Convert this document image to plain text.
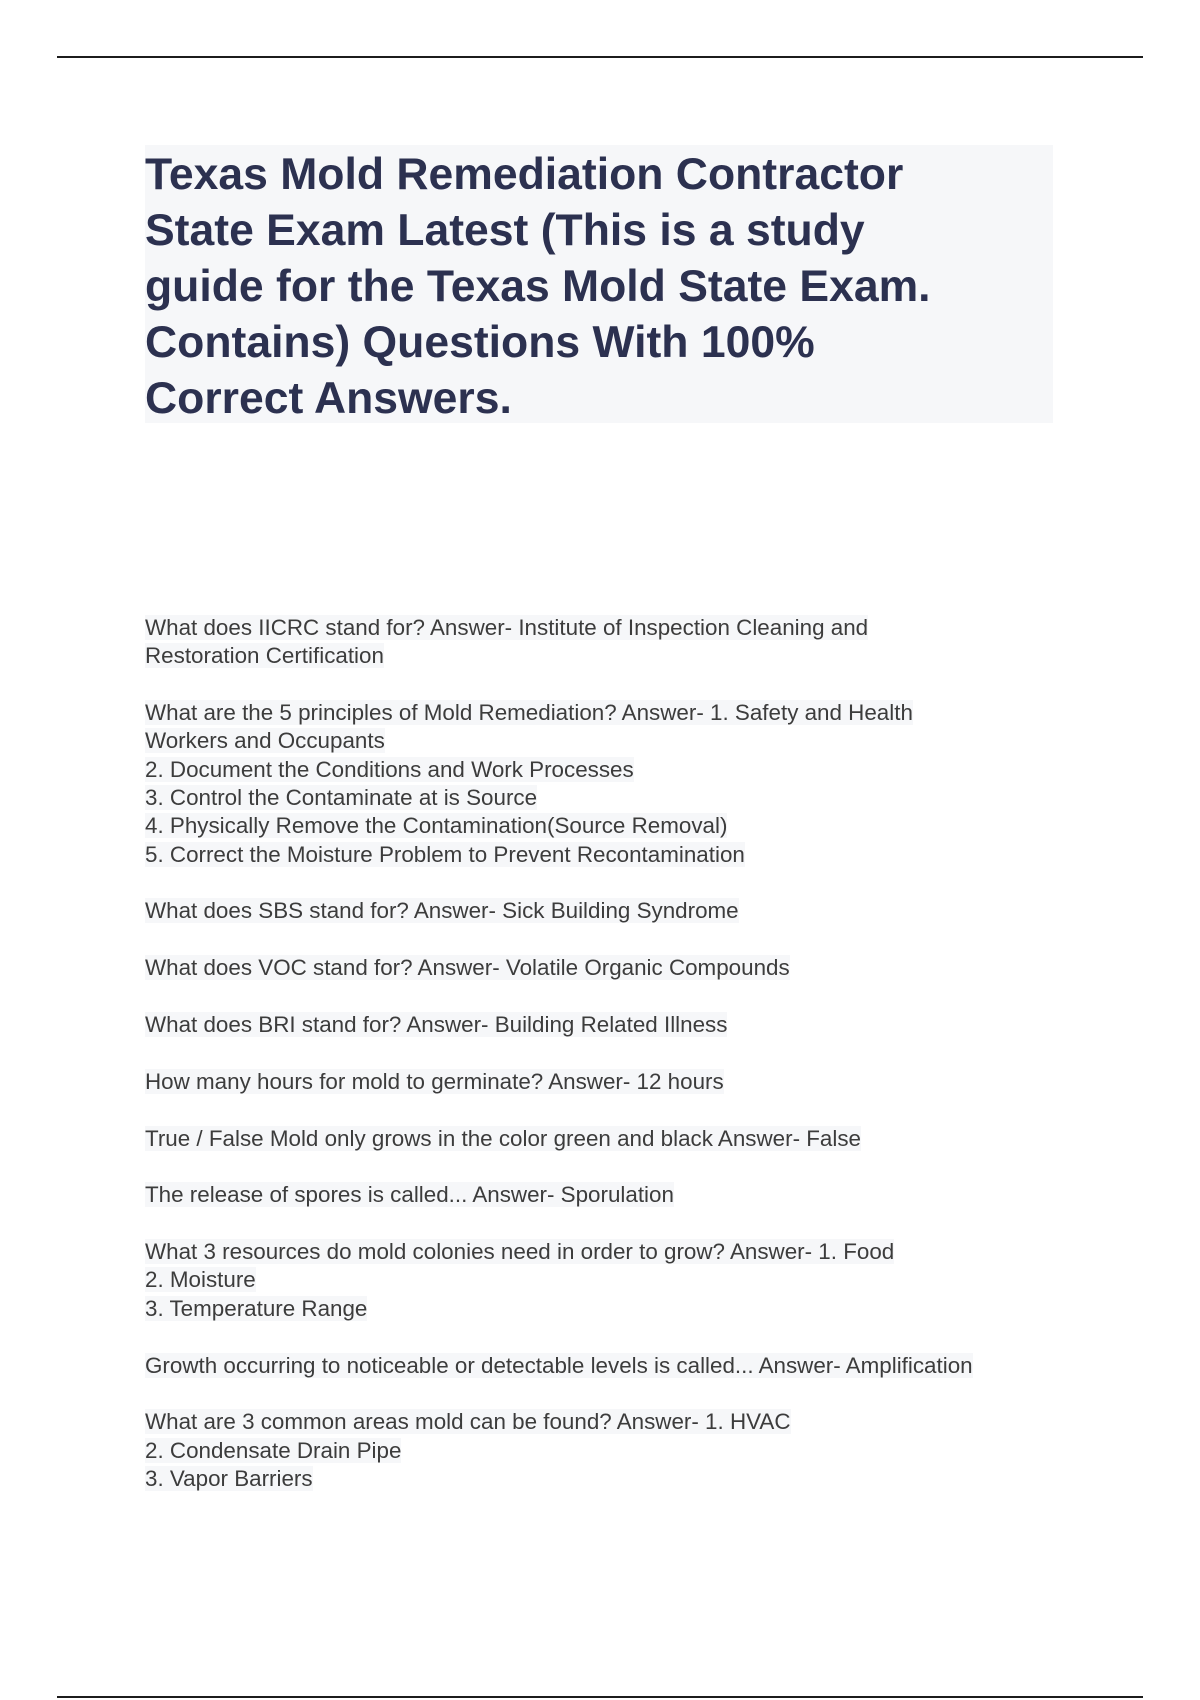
Texas Mold Remediation Contractor
State Exam Latest (This is a study
guide for the Texas Mold State Exam.
Contains) Questions With 100%
Correct Answers.
What does IICRC stand for? Answer- Institute of Inspection Cleaning and
Restoration Certification
What are the 5 principles of Mold Remediation? Answer- 1. Safety and Health
Workers and Occupants
2. Document the Conditions and Work Processes
3. Control the Contaminate at is Source
4. Physically Remove the Contamination(Source Removal)
5. Correct the Moisture Problem to Prevent Recontamination
What does SBS stand for? Answer- Sick Building Syndrome
What does VOC stand for? Answer- Volatile Organic Compounds
What does BRI stand for? Answer- Building Related Illness
How many hours for mold to germinate? Answer- 12 hours
True / False Mold only grows in the color green and black Answer- False
The release of spores is called... Answer- Sporulation
What 3 resources do mold colonies need in order to grow? Answer- 1. Food
2. Moisture
3. Temperature Range
Growth occurring to noticeable or detectable levels is called... Answer- Amplification
What are 3 common areas mold can be found? Answer- 1. HVAC
2. Condensate Drain Pipe
3. Vapor Barriers
